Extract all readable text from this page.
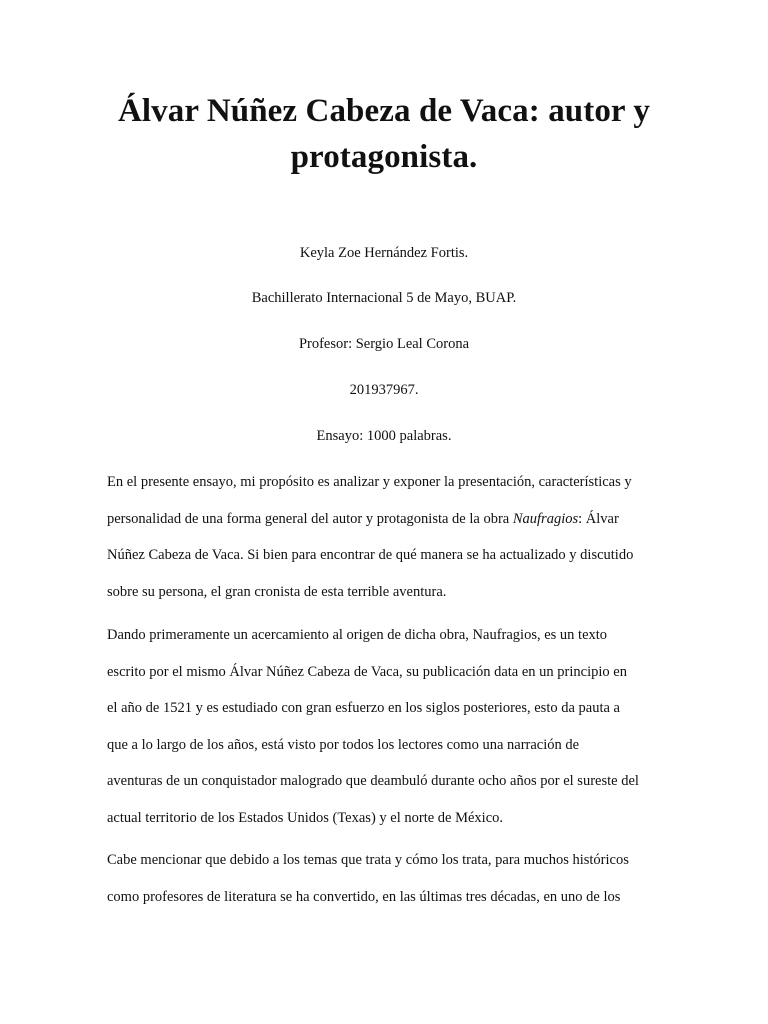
Álvar Núñez Cabeza de Vaca: autor y
protagonista.

Keyla Zoe Hernández Fortis.

Bachillerato Internacional 5 de Mayo, BUAP.

Profesor: Sergio Leal Corona

201937967.

Ensayo: 1000 palabras.

En el presente ensayo, mi propósito es analizar y exponer la presentación, características y
personalidad de una forma general del autor y protagonista de la obra Naufragios: Álvar
Núñez Cabeza de Vaca. Si bien para encontrar de qué manera se ha actualizado y discutido
sobre su persona, el gran cronista de esta terrible aventura.
Dando primeramente un acercamiento al origen de dicha obra, Naufragios, es un texto
escrito por el mismo Álvar Núñez Cabeza de Vaca, su publicación data en un principio en
el año de 1521 y es estudiado con gran esfuerzo en los siglos posteriores, esto da pauta a
que a lo largo de los años, está visto por todos los lectores como una narración de
aventuras de un conquistador malogrado que deambuló durante ocho años por el sureste del
actual territorio de los Estados Unidos (Texas) y el norte de México.
Cabe mencionar que debido a los temas que trata y cómo los trata, para muchos históricos
como profesores de literatura se ha convertido, en las últimas tres décadas, en uno de los
